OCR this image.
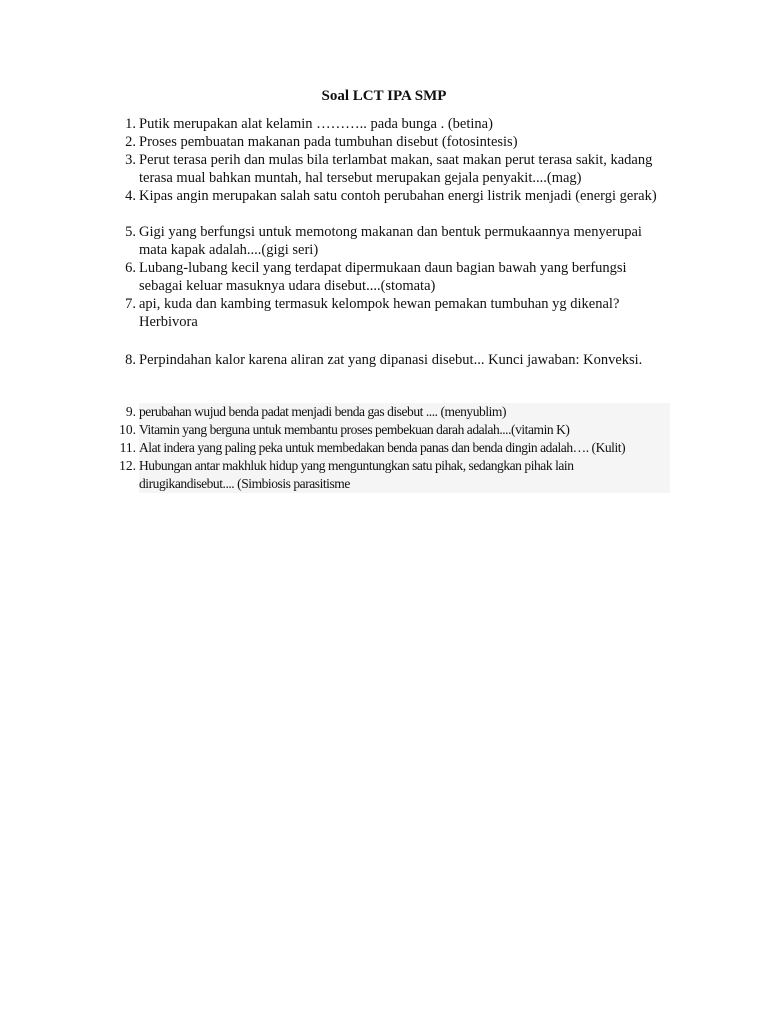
Soal LCT IPA SMP
1. Putik merupakan alat kelamin ……….. pada bunga . (betina)
2. Proses pembuatan makanan pada tumbuhan disebut (fotosintesis)
3. Perut terasa perih dan mulas bila terlambat makan, saat makan perut terasa sakit, kadang terasa mual bahkan muntah, hal tersebut merupakan gejala penyakit....(mag)
4. Kipas angin merupakan salah satu contoh perubahan energi listrik menjadi (energi gerak)
5. Gigi yang berfungsi untuk memotong makanan dan bentuk permukaannya menyerupai mata kapak adalah....(gigi seri)
6. Lubang-lubang kecil yang terdapat dipermukaan daun bagian bawah yang berfungsi sebagai keluar masuknya udara disebut....(stomata)
7. api, kuda dan kambing termasuk kelompok hewan pemakan tumbuhan yg dikenal? Herbivora
8. Perpindahan kalor karena aliran zat yang dipanasi disebut... Kunci jawaban: Konveksi.
9. perubahan wujud benda padat menjadi benda gas disebut .... (menyublim)
10. Vitamin yang berguna untuk membantu proses pembekuan darah adalah....(vitamin K)
11. Alat indera yang paling peka untuk membedakan benda panas dan benda dingin adalah…. (Kulit)
12. Hubungan antar makhluk hidup yang menguntungkan satu pihak, sedangkan pihak lain dirugikandisebut.... (Simbiosis parasitisme
